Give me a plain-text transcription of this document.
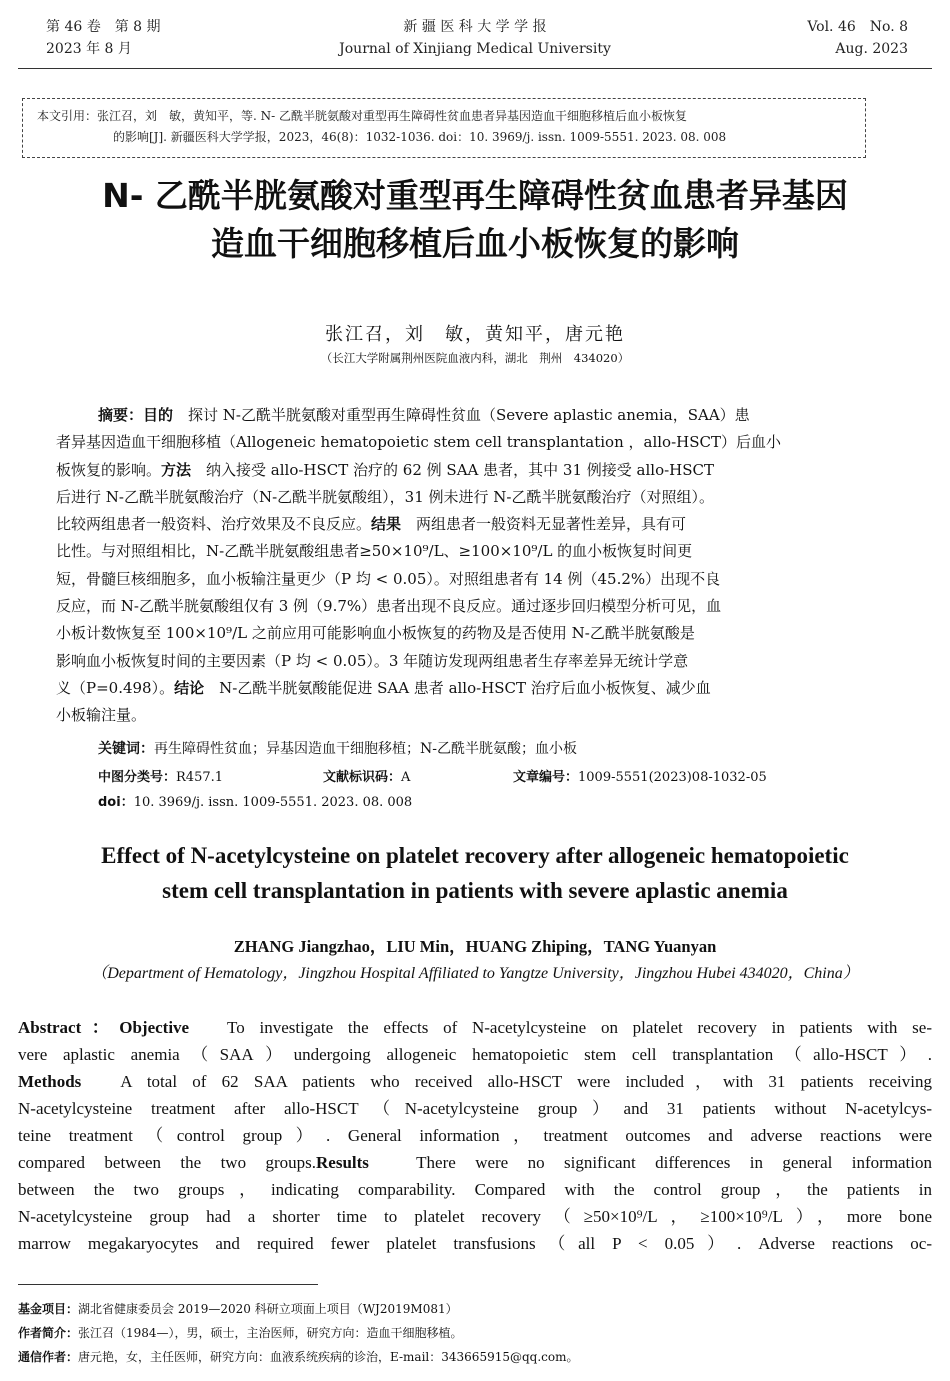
第 46 卷　第 8 期
2023 年 8 月
新 疆 医 科 大 学 学 报
Journal of Xinjiang Medical University
Vol. 46　No. 8
Aug. 2023
本文引用：张江召，刘　敏，黄知平，等. N- 乙酰半胱氨酸对重型再生障碍性贫血患者异基因造血干细胞移植后血小板恢复
的影响[J]. 新疆医科大学学报，2023，46(8)：1032-1036. doi：10. 3969/j. issn. 1009-5551. 2023. 08. 008
N- 乙酰半胱氨酸对重型再生障碍性贫血患者异基因
造血干细胞移植后血小板恢复的影响
张江召，刘　敏，黄知平，唐元艳
（长江大学附属荆州医院血液内科，湖北　荆州　434020）
摘要：目的　探讨 N-乙酰半胱氨酸对重型再生障碍性贫血（Severe aplastic anemia，SAA）患
者异基因造血干细胞移植（Allogeneic hematopoietic stem cell transplantation ，allo-HSCT）后血小
板恢复的影响。方法　纳入接受 allo-HSCT 治疗的 62 例 SAA 患者，其中 31 例接受 allo-HSCT
后进行 N-乙酰半胱氨酸治疗（N-乙酰半胱氨酸组），31 例未进行 N-乙酰半胱氨酸治疗（对照组）。
比较两组患者一般资料、治疗效果及不良反应。结果　两组患者一般资料无显著性差异，具有可
比性。与对照组相比，N-乙酰半胱氨酸组患者≥50×10⁹/L、≥100×10⁹/L 的血小板恢复时间更
短，骨髓巨核细胞多，血小板输注量更少（P 均 < 0.05）。对照组患者有 14 例（45.2%）出现不良
反应，而 N-乙酰半胱氨酸组仅有 3 例（9.7%）患者出现不良反应。通过逐步回归模型分析可见，血
小板计数恢复至 100×10⁹/L 之前应用可能影响血小板恢复的药物及是否使用 N-乙酰半胱氨酸是
影响血小板恢复时间的主要因素（P 均 < 0.05）。3 年随访发现两组患者生存率差异无统计学意
义（P=0.498）。结论　N-乙酰半胱氨酸能促进 SAA 患者 allo-HSCT 治疗后血小板恢复、减少血
小板输注量。
关键词：再生障碍性贫血；异基因造血干细胞移植；N-乙酰半胱氨酸；血小板
中图分类号：R457.1	文献标识码：A	文章编号：1009-5551(2023)08-1032-05
doi：10. 3969/j. issn. 1009-5551. 2023. 08. 008
Effect of N-acetylcysteine on platelet recovery after allogeneic hematopoietic
stem cell transplantation in patients with severe aplastic anemia
ZHANG Jiangzhao，LIU Min，HUANG Zhiping，TANG Yuanyan
（Department of Hematology，Jingzhou Hospital Affiliated to Yangtze University，Jingzhou Hubei 434020，China）
Abstract：Objective　To investigate the effects of N-acetylcysteine on platelet recovery in patients with se-
vere aplastic anemia（SAA）undergoing allogeneic hematopoietic stem cell transplantation（allo-HSCT）.
Methods　A total of 62 SAA patients who received allo-HSCT were included，with 31 patients receiving
N-acetylcysteine treatment after allo-HSCT（N-acetylcysteine group）and 31 patients without N-acetylcys-
teine treatment（control group）. General information，treatment outcomes and adverse reactions were
compared between the two groups.Results　There were no significant differences in general information
between the two groups，indicating comparability. Compared with the control group，the patients in
N-acetylcysteine group had a shorter time to platelet recovery（≥50×10⁹/L，≥100×10⁹/L），more bone
marrow megakaryocytes and required fewer platelet transfusions（all P < 0.05）. Adverse reactions oc-
基金项目：湖北省健康委员会 2019—2020 科研立项面上项目（WJ2019M081）
作者简介：张江召（1984—），男，硕士，主治医师，研究方向：造血干细胞移植。
通信作者：唐元艳，女，主任医师，研究方向：血液系统疾病的诊治，E-mail：343665915@qq.com。
